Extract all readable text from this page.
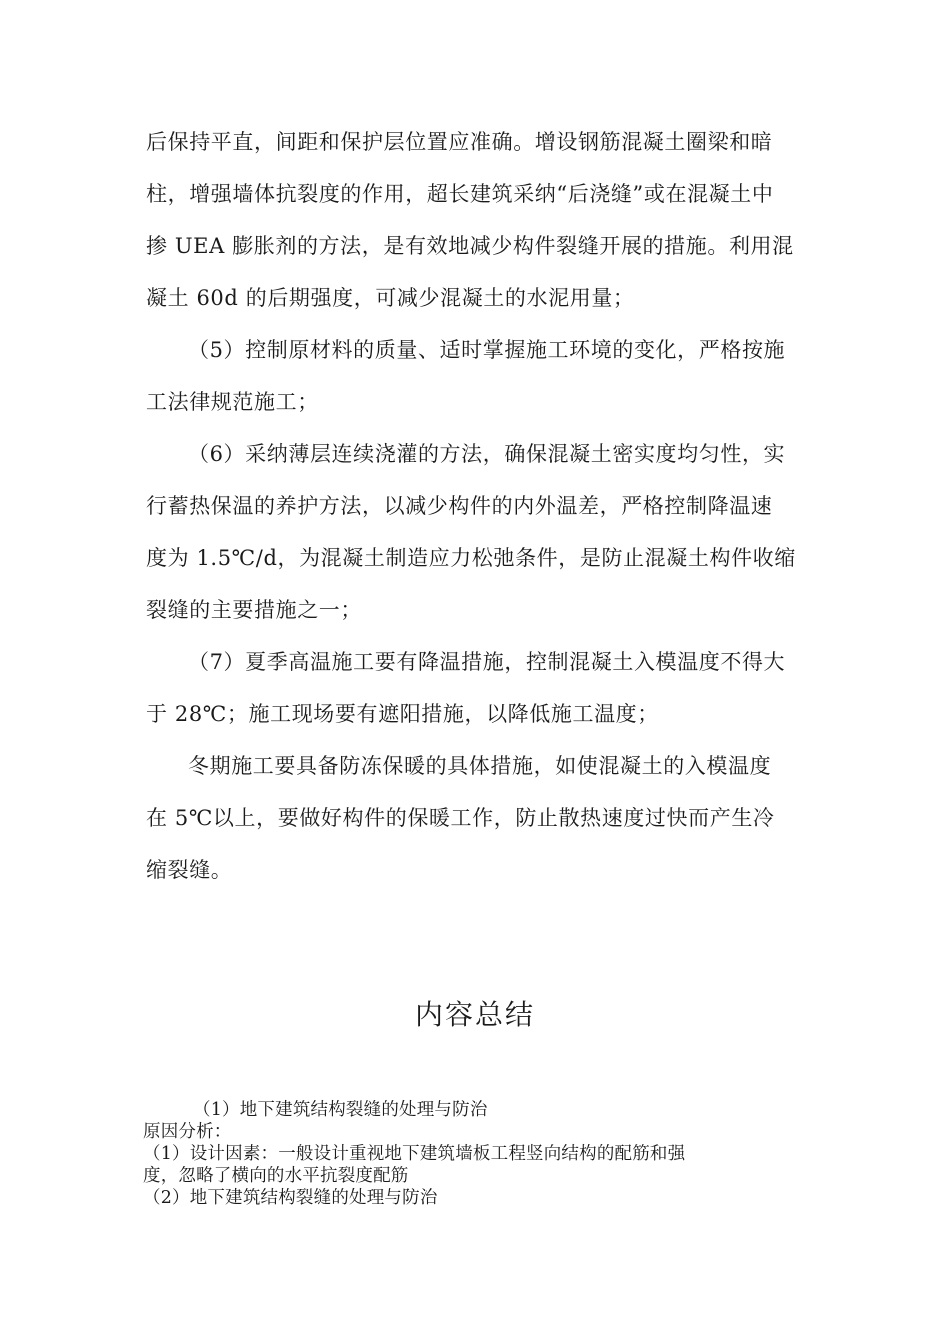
后保持平直，间距和保护层位置应准确。增设钢筋混凝土圈梁和暗
柱，增强墙体抗裂度的作用，超长建筑采纳“后浇缝”或在混凝土中
掺 UEA 膨胀剂的方法，是有效地减少构件裂缝开展的措施。利用混
凝土 60d 的后期强度，可减少混凝土的水泥用量；
（5）控制原材料的质量、适时掌握施工环境的变化，严格按施
工法律规范施工；
（6）采纳薄层连续浇灌的方法，确保混凝土密实度均匀性，实
行蓄热保温的养护方法，以减少构件的内外温差，严格控制降温速
度为 1.5℃/d，为混凝土制造应力松弛条件，是防止混凝土构件收缩
裂缝的主要措施之一；
（7）夏季高温施工要有降温措施，控制混凝土入模温度不得大
于 28℃；施工现场要有遮阳措施，以降低施工温度；
冬期施工要具备防冻保暖的具体措施，如使混凝土的入模温度
在 5℃以上，要做好构件的保暖工作，防止散热速度过快而产生冷
缩裂缝。
内容总结
（1）地下建筑结构裂缝的处理与防治
原因分析：
（1）设计因素：一般设计重视地下建筑墙板工程竖向结构的配筋和强
度，忽略了横向的水平抗裂度配筋
（2）地下建筑结构裂缝的处理与防治
